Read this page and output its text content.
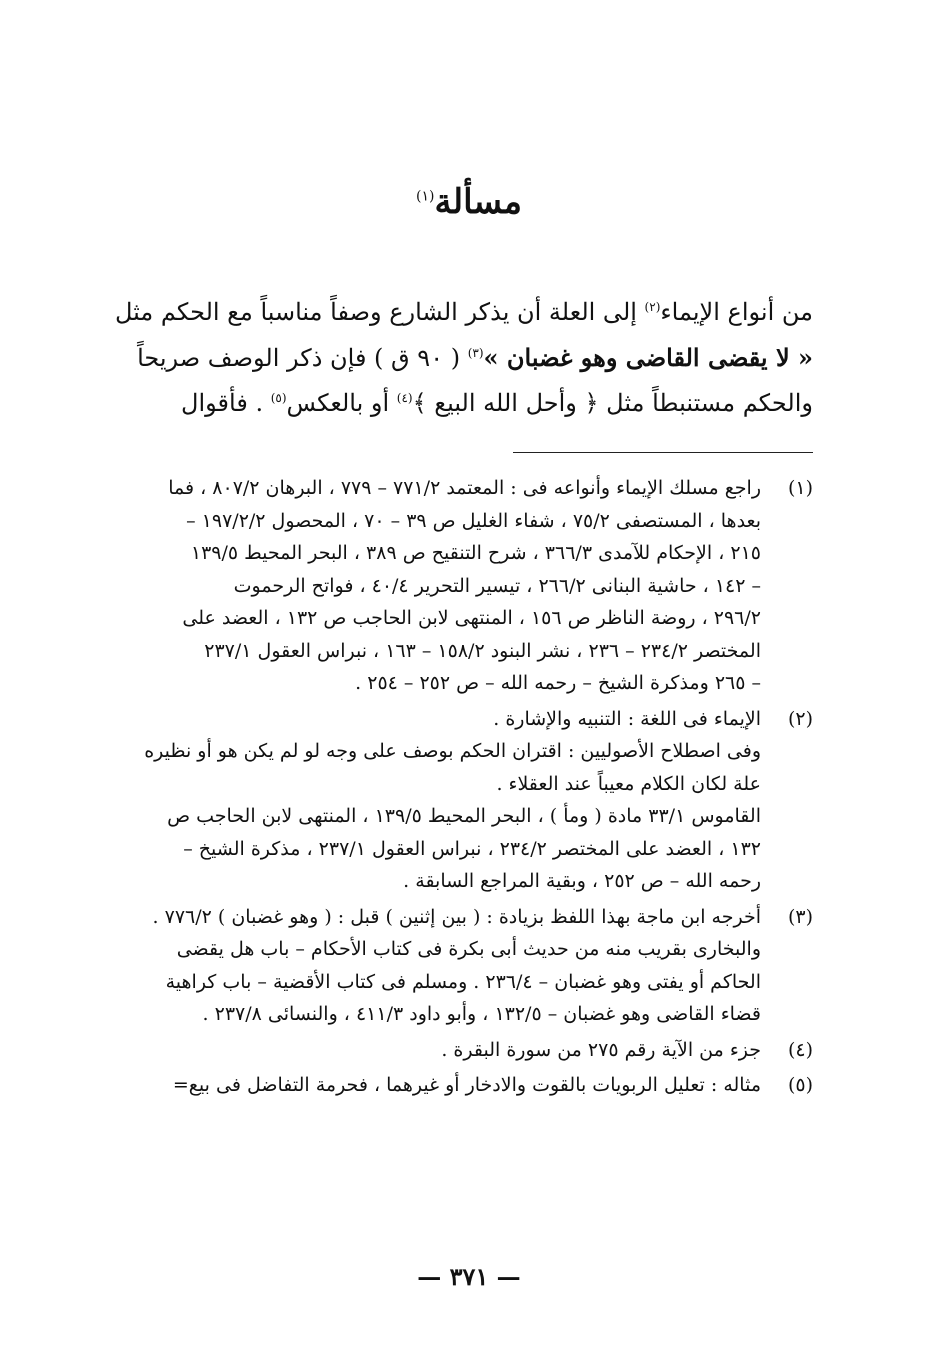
مسألة$^{(١)}$
من أنواع الإيماء$^{(٢)}$ إلى العلة أن يذكر الشارع وصفاً مناسباً مع الحكم مثل
« لا يقضى القاضى وهو غضبان »$^{(٣)}$ ( ٩٠ ق ) فإن ذكر الوصف صريحاً
والحكم مستنبطاً مثل ﴿ وأحل الله البيع ﴾$^{(٤)}$ أو بالعكس$^{(٥)}$ . فأقوال
(١)
راجع مسلك الإيماء وأنواعه فى : المعتمد ٧٧١/٢ – ٧٧٩ ، البرهان ٨٠٧/٢ ، فما
بعدها ، المستصفى ٧٥/٢ ، شفاء الغليل ص ٣٩ – ٧٠ ، المحصول ١٩٧/٢/٢ –
٢١٥ ، الإحكام للآمدى ٣٦٦/٣ ، شرح التنقيح ص ٣٨٩ ، البحر المحيط ١٣٩/٥
– ١٤٢ ، حاشية البنانى ٢٦٦/٢ ، تيسير التحرير ٤٠/٤ ، فواتح الرحموت
٢٩٦/٢ ، روضة الناظر ص ١٥٦ ، المنتهى لابن الحاجب ص ١٣٢ ، العضد على
المختصر ٢٣٤/٢ – ٢٣٦ ، نشر البنود ١٥٨/٢ – ١٦٣ ، نبراس العقول ٢٣٧/١
– ٢٦٥ ومذكرة الشيخ – رحمه الله – ص ٢٥٢ – ٢٥٤ .
(٢)
الإيماء فى اللغة : التنبيه والإشارة .
وفى اصطلاح الأصوليين : اقتران الحكم بوصف على وجه لو لم يكن هو أو نظيره
علة لكان الكلام معيباً عند العقلاء .
القاموس ٣٣/١ مادة ( ومأ ) ، البحر المحيط ١٣٩/٥ ، المنتهى لابن الحاجب ص
١٣٢ ، العضد على المختصر ٢٣٤/٢ ، نبراس العقول ٢٣٧/١ ، مذكرة الشيخ –
رحمه الله – ص ٢٥٢ ، وبقية المراجع السابقة .
(٣)
أخرجه ابن ماجة بهذا اللفظ بزيادة : ( بين إثنين ) قبل : ( وهو غضبان ) ٧٧٦/٢ .
والبخارى بقريب منه من حديث أبى بكرة فى كتاب الأحكام – باب هل يقضى
الحاكم أو يفتى وهو غضبان – ٢٣٦/٤ . ومسلم فى كتاب الأقضية – باب كراهية
قضاء القاضى وهو غضبان – ١٣٢/٥ ، وأبو داود ٤١١/٣ ، والنسائى ٢٣٧/٨ .
(٤)
جزء من الآية رقم ٢٧٥ من سورة البقرة .
(٥)
مثاله : تعليل الربويات بالقوت والادخار أو غيرهما ، فحرمة التفاضل فى بيع=
— ٣٧١ —
